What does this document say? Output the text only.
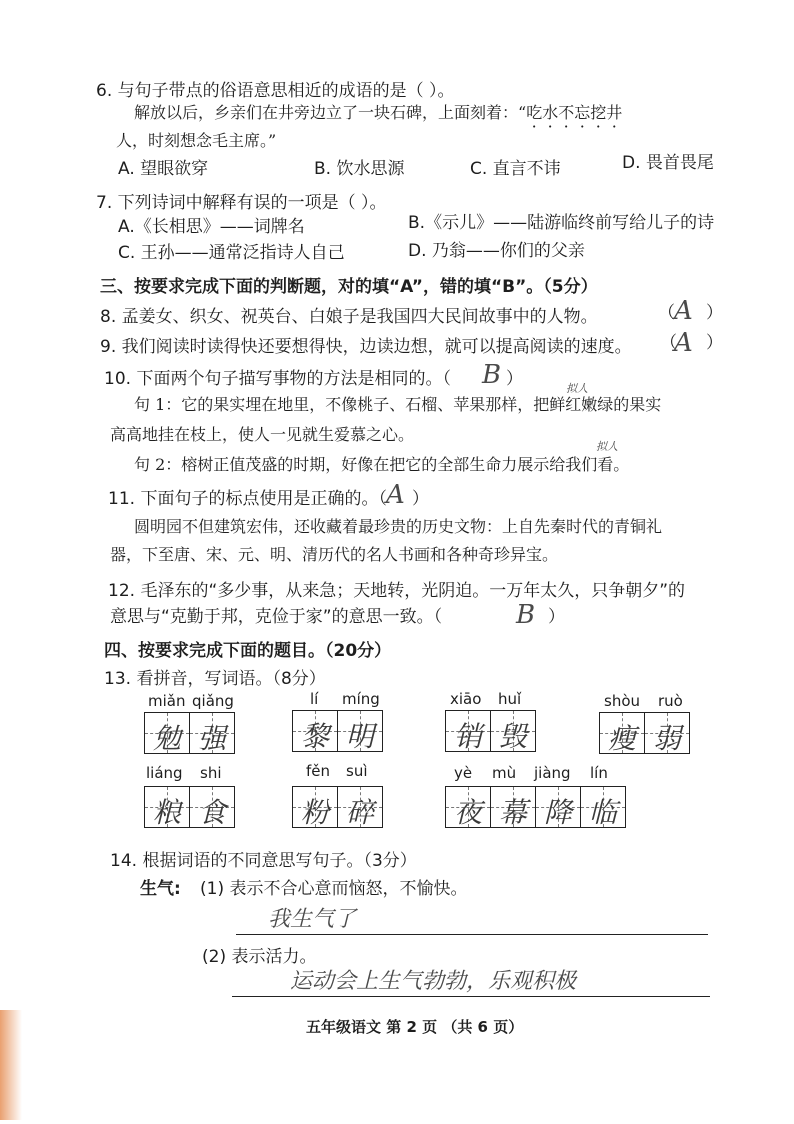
6. 与句子带点的俗语意思相近的成语的是（ ）。
解放以后，乡亲们在井旁边立了一块石碑，上面刻着：“吃水不忘挖井
人，时刻想念毛主席。”
A. 望眼欲穿	B. 饮水思源	C. 直言不讳	D. 畏首畏尾
7. 下列诗词中解释有误的一项是（ ）。
A.《长相思》——词牌名	B.《示儿》——陆游临终前写给儿子的诗
C. 王孙——通常泛指诗人自己	D. 乃翁——你们的父亲
三、按要求完成下面的判断题，对的填“A”，错的填“B”。（5分）
8. 孟姜女、织女、祝英台、白娘子是我国四大民间故事中的人物。	（ A ）
9. 我们阅读时读得快还要想得快，边读边想，就可以提高阅读的速度。 （
A ）
10. 下面两个句子描写事物的方法是相同的。（ B ）	拟人
句 1：它的果实埋在地里，不像桃子、石榴、苹果那样，把鲜红嫩绿的果实
高高地挂在枝上，使人一见就生爱慕之心。
拟人
句 2：榕树正值茂盛的时期，好像在把它的全部生命力展示给我们看。
11. 下面句子的标点使用是正确的。（ A ）
圆明园不但建筑宏伟，还收藏着最珍贵的历史文物：上自先秦时代的青铜礼
器，下至唐、宋、元、明、清历代的名人书画和各种奇珍异宝。
12. 毛泽东的“多少事，从来急；天地转，光阴迫。一万年太久，只争朝夕”的
意思与“克勤于邦，克俭于家”的意思一致。（	B ）
四、按要求完成下面的题目。（20分）
13. 看拼音，写词语。（8分）
miǎn qiǎng	lí míng	xiāo huǐ	shòu ruò
勉 强	黎 明	销 毁	瘦 弱
liáng shi	fěn suì	yè mù jiàng lín
粮 食	粉 碎	夜 幕 降 临
14. 根据词语的不同意思写句子。（3分）
生气: (1) 表示不合心意而恼怒，不愉快。
我生气了
(2) 表示活力。
运动会上生气勃勃，乐观积极
五年级语文 第 2 页 （共 6 页）
